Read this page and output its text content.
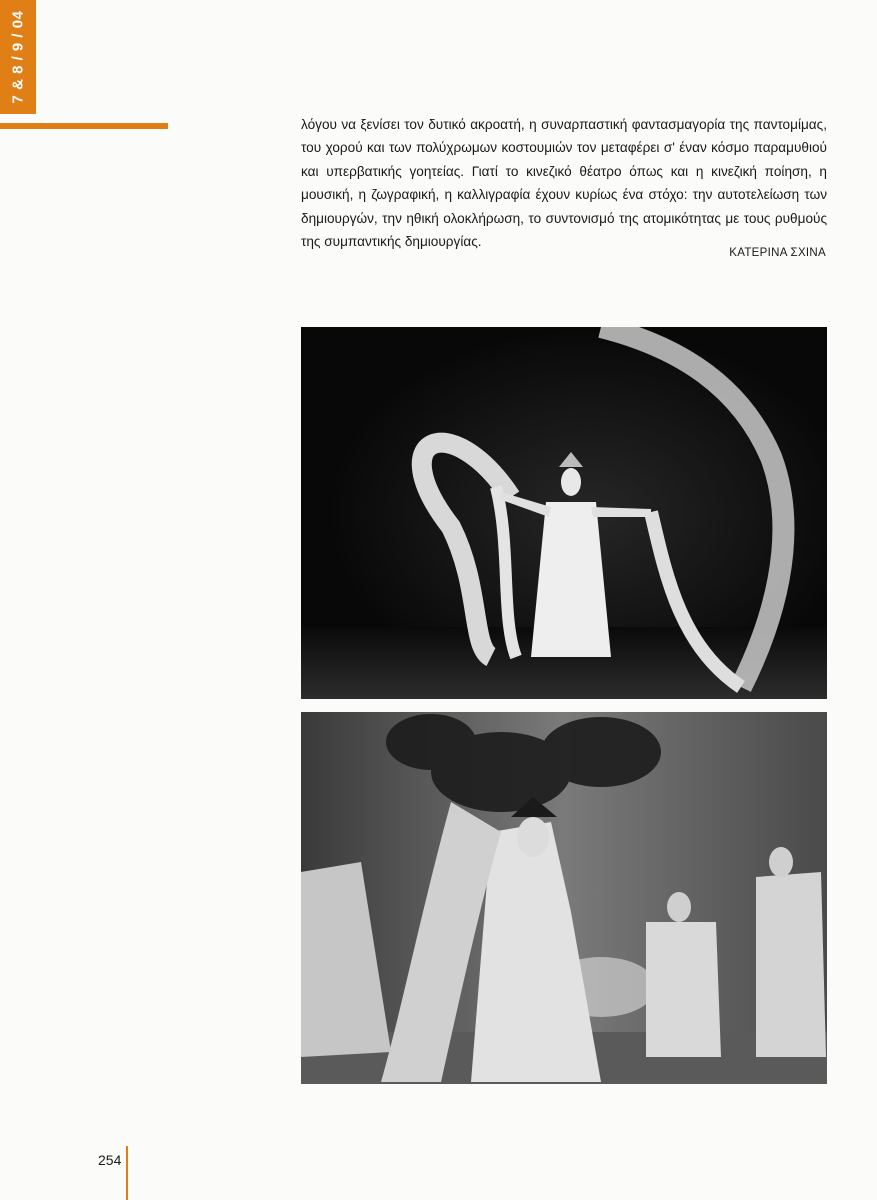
7 & 8 / 9 / 04

λόγου να ξενίσει τον δυτικό ακροατή, η συναρπαστική φαντασμαγορία της παντομίμας, του χορού και των πολύχρωμων κοστουμιών τον μεταφέρει σ' έναν κόσμο παραμυθιού και υπερβατικής γοητείας. Γιατί το κινεζικό θέατρο όπως και η κινεζική ποίηση, η μουσική, η ζωγραφική, η καλλιγραφία έχουν κυρίως ένα στόχο: την αυτοτελείωση των δημιουργών, την ηθική ολοκλήρωση, το συντονισμό της ατομικότητας με τους ρυθμούς της συμπαντικής δημιουργίας.

ΚΑΤΕΡΙΝΑ ΣΧΙΝΑ
254
